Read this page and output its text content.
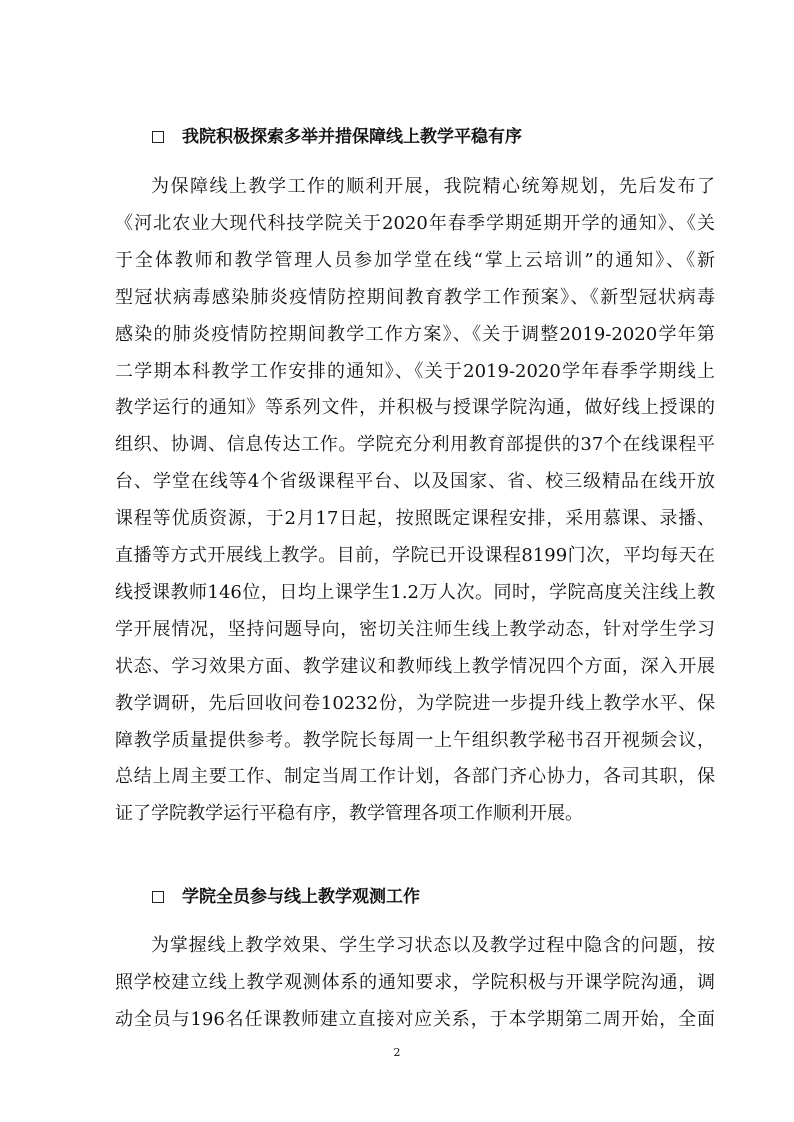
我院积极探索多举并措保障线上教学平稳有序
为保障线上教学工作的顺利开展，我院精心统筹规划，先后发布了
《河北农业大现代科技学院关于2020年春季学期延期开学的通知》、《关
于全体教师和教学管理人员参加学堂在线“掌上云培训”的通知》、《新
型冠状病毒感染肺炎疫情防控期间教育教学工作预案》、《新型冠状病毒
感染的肺炎疫情防控期间教学工作方案》、《关于调整2019-2020学年第
二学期本科教学工作安排的通知》、《关于2019-2020学年春季学期线上
教学运行的通知》等系列文件，并积极与授课学院沟通，做好线上授课的
组织、协调、信息传达工作。学院充分利用教育部提供的37个在线课程平
台、学堂在线等4个省级课程平台、以及国家、省、校三级精品在线开放
课程等优质资源，于2月17日起，按照既定课程安排，采用慕课、录播、
直播等方式开展线上教学。目前，学院已开设课程8199门次，平均每天在
线授课教师146位，日均上课学生1.2万人次。同时，学院高度关注线上教
学开展情况，坚持问题导向，密切关注师生线上教学动态，针对学生学习
状态、学习效果方面、教学建议和教师线上教学情况四个方面，深入开展
教学调研，先后回收问卷10232份，为学院进一步提升线上教学水平、保
障教学质量提供参考。教学院长每周一上午组织教学秘书召开视频会议，
总结上周主要工作、制定当周工作计划，各部门齐心协力，各司其职，保
证了学院教学运行平稳有序，教学管理各项工作顺利开展。
学院全员参与线上教学观测工作
为掌握线上教学效果、学生学习状态以及教学过程中隐含的问题，按
照学校建立线上教学观测体系的通知要求，学院积极与开课学院沟通，调
动全员与196名任课教师建立直接对应关系，于本学期第二周开始，全面
2
